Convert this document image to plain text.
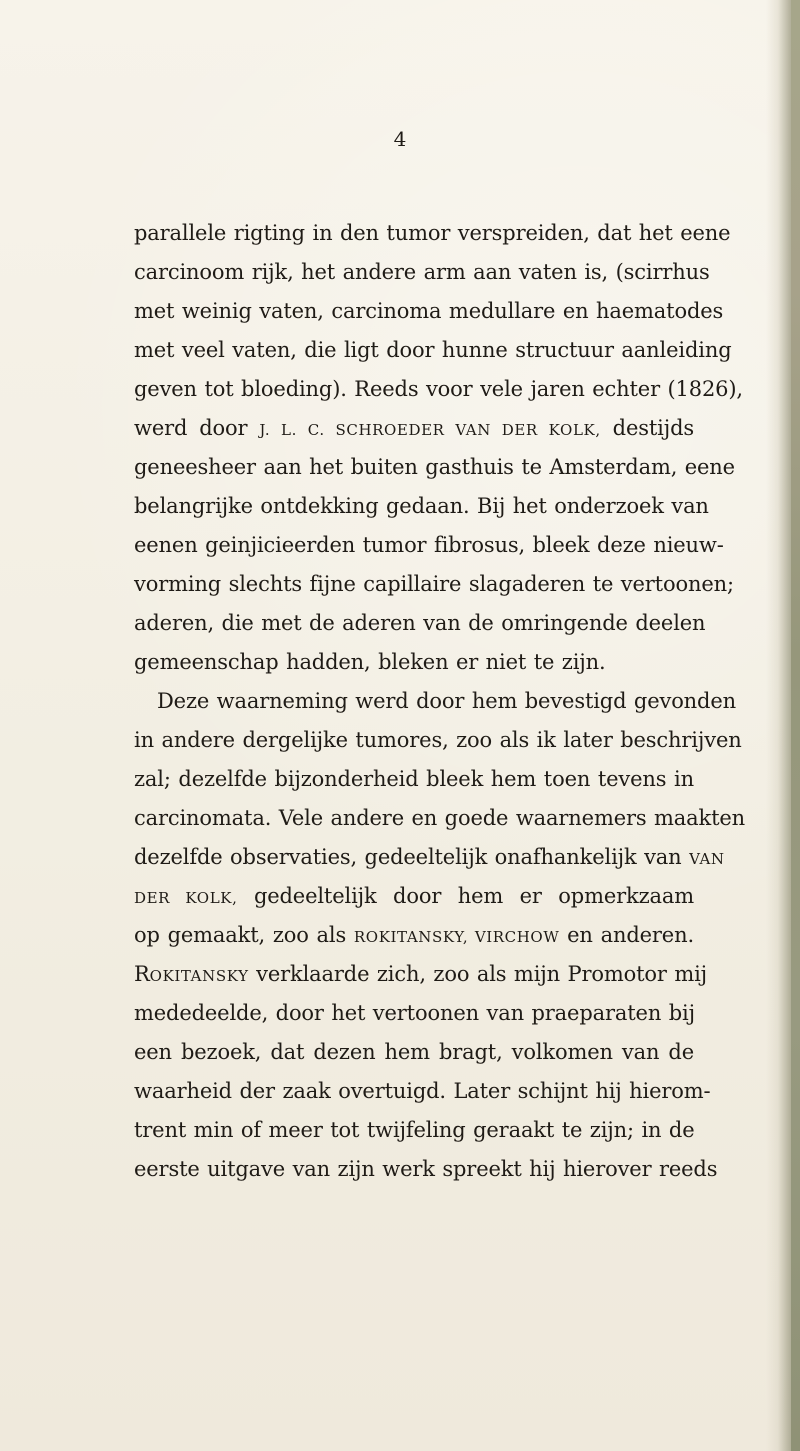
4
parallele rigting in den tumor verspreiden, dat het eene
carcinoom rijk, het andere arm aan vaten is, (scirrhus
met weinig vaten, carcinoma medullare en haematodes
met veel vaten, die ligt door hunne structuur aanleiding
geven tot bloeding). Reeds voor vele jaren echter (1826),
werd door J. L. C. SCHROEDER VAN DER KOLK, destijds
geneesheer aan het buiten gasthuis te Amsterdam, eene
belangrijke ontdekking gedaan. Bij het onderzoek van
eenen geinjicieerden tumor fibrosus, bleek deze nieuw-
vorming slechts fijne capillaire slagaderen te vertoonen;
aderen, die met de aderen van de omringende deelen
gemeenschap hadden, bleken er niet te zijn.
Deze waarneming werd door hem bevestigd gevonden
in andere dergelijke tumores, zoo als ik later beschrijven
zal; dezelfde bijzonderheid bleek hem toen tevens in
carcinomata. Vele andere en goede waarnemers maakten
dezelfde observaties, gedeeltelijk onafhankelijk van VAN
DER KOLK, gedeeltelijk door hem er opmerkzaam
op gemaakt, zoo als ROKITANSKY, VIRCHOW en anderen.
ROKITANSKY verklaarde zich, zoo als mijn Promotor mij
mededeelde, door het vertoonen van praeparaten bij
een bezoek, dat dezen hem bragt, volkomen van de
waarheid der zaak overtuigd. Later schijnt hij hierom-
trent min of meer tot twijfeling geraakt te zijn; in de
eerste uitgave van zijn werk spreekt hij hierover reeds
